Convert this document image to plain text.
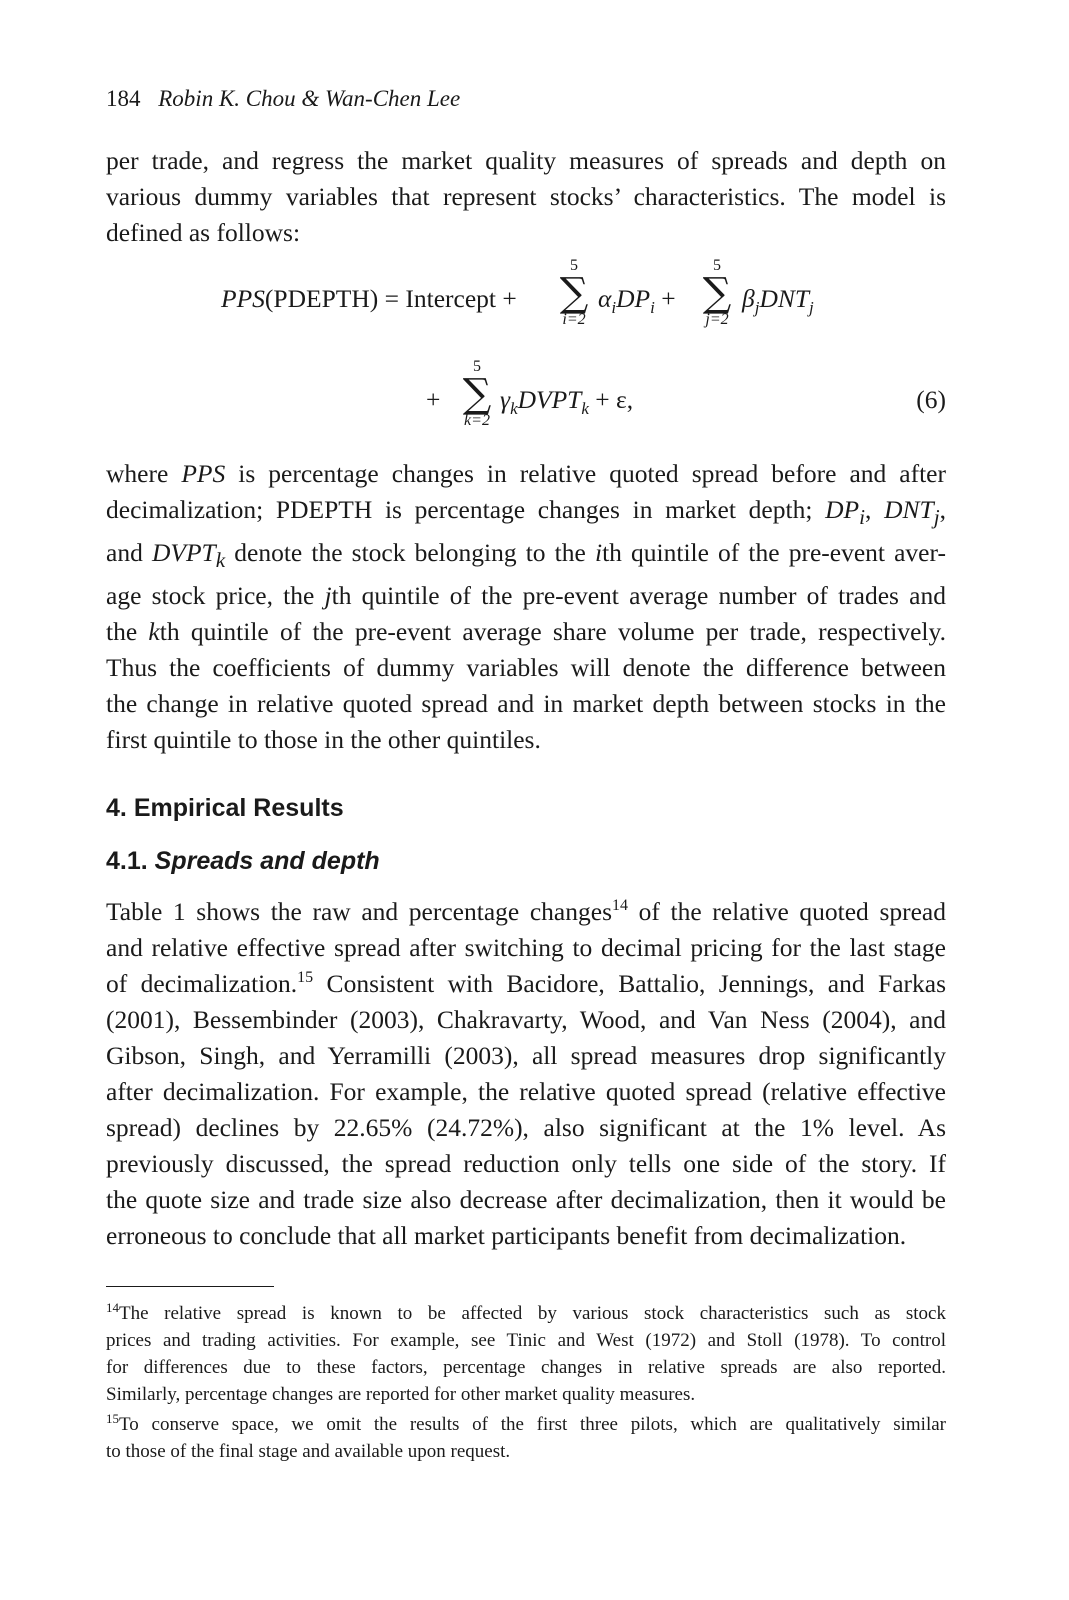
184 Robin K. Chou & Wan-Chen Lee

per trade, and regress the market quality measures of spreads and depth on
various dummy variables that represent stocks’ characteristics. The model is
defined as follows:

PPS(PDEPTH) = Intercept +
5
∑
i=2
$\alpha_iDP_i$ +
5
∑
j=2
$\beta_jDNT_j$
+
5
∑
k=2
$\gamma_kDVPT_k + \varepsilon$,	(6)

where PPS is percentage changes in relative quoted spread before and after
decimalization; PDEPTH is percentage changes in market depth; $DP_i$, $DNT_j$,
and $DVPT_k$ denote the stock belonging to the ith quintile of the pre-event aver-
age stock price, the jth quintile of the pre-event average number of trades and
the kth quintile of the pre-event average share volume per trade, respectively.
Thus the coefficients of dummy variables will denote the difference between
the change in relative quoted spread and in market depth between stocks in the
first quintile to those in the other quintiles.

4. Empirical Results
4.1. Spreads and depth

Table 1 shows the raw and percentage changes$^{14}$ of the relative quoted spread
and relative effective spread after switching to decimal pricing for the last stage
of decimalization.$^{15}$ Consistent with Bacidore, Battalio, Jennings, and Farkas
(2001), Bessembinder (2003), Chakravarty, Wood, and Van Ness (2004), and
Gibson, Singh, and Yerramilli (2003), all spread measures drop significantly
after decimalization. For example, the relative quoted spread (relative effective
spread) declines by 22.65% (24.72%), also significant at the 1% level. As
previously discussed, the spread reduction only tells one side of the story. If
the quote size and trade size also decrease after decimalization, then it would be
erroneous to conclude that all market participants benefit from decimalization.

$^{14}$The relative spread is known to be affected by various stock characteristics such as stock
prices and trading activities. For example, see Tinic and West (1972) and Stoll (1978). To control
for differences due to these factors, percentage changes in relative spreads are also reported.
Similarly, percentage changes are reported for other market quality measures.

$^{15}$To conserve space, we omit the results of the first three pilots, which are qualitatively similar
to those of the final stage and available upon request.
